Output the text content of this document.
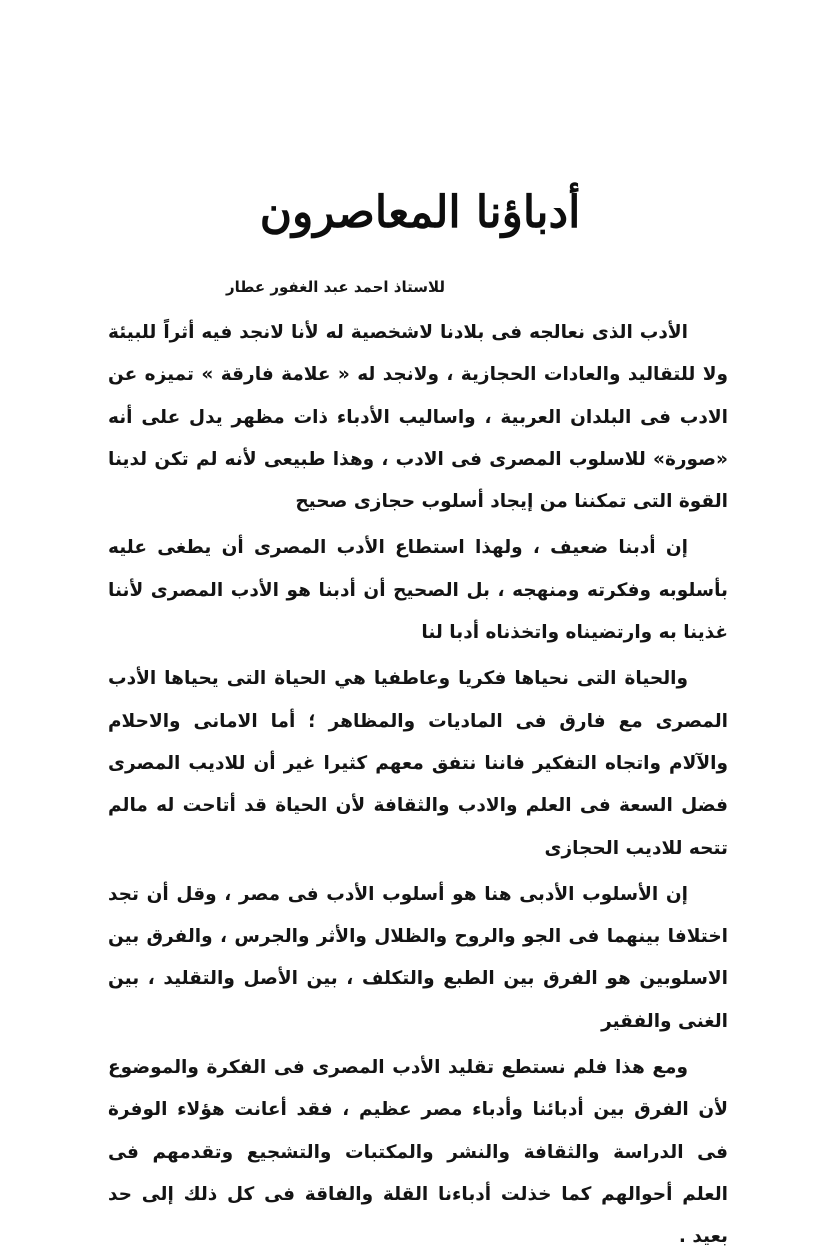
أدباؤنا المعاصرون
للاستاذ احمد عبد الغفور عطار

الأدب الذى نعالجه فى بلادنا لاشخصية له لأنا لانجد فيه أثراً للبيئة ولا للتقاليد والعادات الحجازية ، ولانجد له « علامة فارقة » تميزه عن الادب فى البلدان العربية ، واساليب الأدباء ذات مظهر يدل على أنه «صورة» للاسلوب المصرى فى الادب ، وهذا طبيعى لأنه لم تكن لدينا القوة التى تمكننا من إيجاد أسلوب حجازى صحيح

إن أدبنا ضعيف ، ولهذا استطاع الأدب المصرى أن يطغى عليه بأسلوبه وفكرته ومنهجه ، بل الصحيح أن أدبنا هو الأدب المصرى لأننا غذينا به وارتضيناه واتخذناه أدبا لنا

والحياة التى نحياها فكريا وعاطفيا هي الحياة التى يحياها الأدب المصرى مع فارق فى الماديات والمظاهر ؛ أما الامانى والاحلام والآلام واتجاه التفكير فاننا نتفق معهم كثيرا غير أن للاديب المصرى فضل السعة فى العلم والادب والثقافة لأن الحياة قد أتاحت له مالم تتحه للاديب الحجازى

إن الأسلوب الأدبى هنا هو أسلوب الأدب فى مصر ، وقل أن تجد اختلافا بينهما فى الجو والروح والظلال والأثر والجرس ، والفرق بين الاسلوبين هو الفرق بين الطبع والتكلف ، بين الأصل والتقليد ، بين الغنى والفقير

ومع هذا فلم نستطع تقليد الأدب المصرى فى الفكرة والموضوع لأن الفرق بين أدبائنا وأدباء مصر عظيم ، فقد أعانت هؤلاء الوفرة فى الدراسة والثقافة والنشر والمكتبات والتشجيع وتقدمهم فى العلم أحوالهم كما خذلت أدباءنا القلة والفاقة فى كل ذلك إلى حد بعيد .
